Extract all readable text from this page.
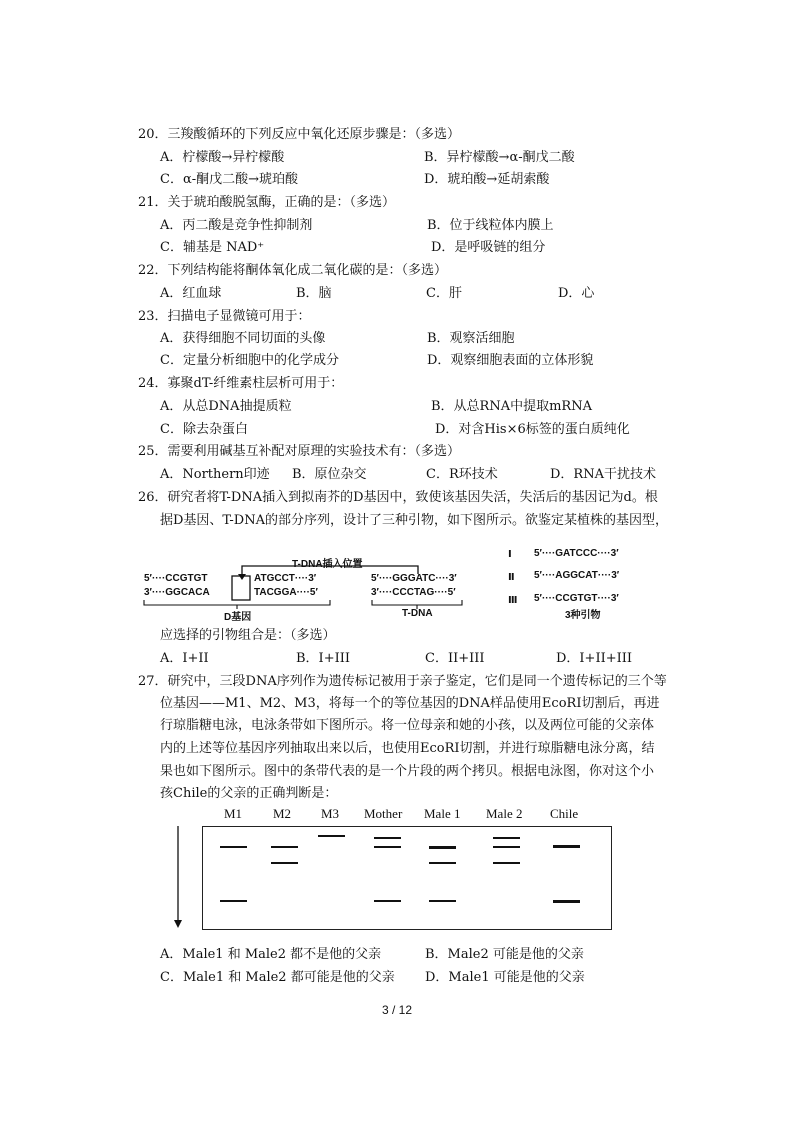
20．三羧酸循环的下列反应中氧化还原步骤是：（多选）
A．柠檬酸→异柠檬酸	B．异柠檬酸→α-酮戊二酸
C．α-酮戊二酸→琥珀酸	D．琥珀酸→延胡索酸
21．关于琥珀酸脱氢酶，正确的是：（多选）
A．丙二酸是竞争性抑制剂	B．位于线粒体内膜上
C．辅基是 NAD⁺	D．是呼吸链的组分
22．下列结构能将酮体氧化成二氧化碳的是：（多选）
A．红血球	B．脑	C．肝	D．心
23．扫描电子显微镜可用于：
A．获得细胞不同切面的头像	B．观察活细胞
C．定量分析细胞中的化学成分	D．观察细胞表面的立体形貌
24．寡聚dT-纤维素柱层析可用于：
A．从总DNA抽提质粒	B．从总RNA中提取mRNA
C．除去杂蛋白	D．对含His×6标签的蛋白质纯化
25．需要利用碱基互补配对原理的实验技术有：（多选）
A．Northern印迹 B．原位杂交	C．R环技术	D．RNA干扰技术
26．研究者将T-DNA插入到拟南芥的D基因中，致使该基因失活，失活后的基因记为d。根
据D基因、T-DNA的部分序列，设计了三种引物，如下图所示。欲鉴定某植株的基因型，
T-DNA插入位置
5′····CCGTGT	ATGCCT····3′
3′····GGCACA	TACGGA····5′
D基因
5′····GGGATC····3′
3′····CCCTAG····5′
T-DNA
Ⅰ 5′····GATCCC····3′
Ⅱ 5′····AGGCAT····3′
Ⅲ 5′····CCGTGT····3′
3种引物
应选择的引物组合是：（多选）
A．I+II	B．I+III	C．II+III	D．I+II+III
27．研究中，三段DNA序列作为遗传标记被用于亲子鉴定，它们是同一个遗传标记的三个等
位基因——M1、M2、M3，将每一个的等位基因的DNA样品使用EcoRⅠ切割后，再进
行琼脂糖电泳，电泳条带如下图所示。将一位母亲和她的小孩，以及两位可能的父亲体
内的上述等位基因序列抽取出来以后，也使用EcoRⅠ切割，并进行琼脂糖电泳分离，结
果也如下图所示。图中的条带代表的是一个片段的两个拷贝。根据电泳图，你对这个小
孩Chile的父亲的正确判断是：
M1 M2 M3 Mother Male 1 Male 2 Chile
A．Male1 和 Male2 都不是他的父亲	B．Male2 可能是他的父亲
C．Male1 和 Male2 都可能是他的父亲 D．Male1 可能是他的父亲
3 / 12
